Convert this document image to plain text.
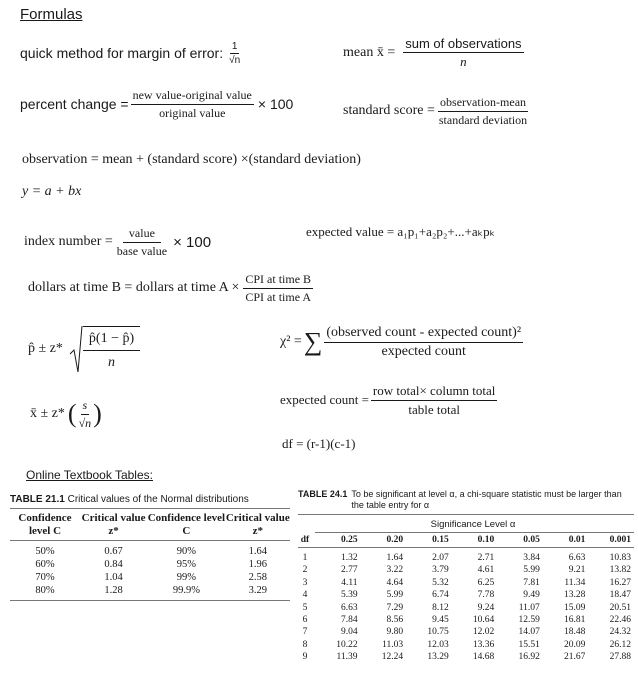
Formulas
quick method for margin of error: $\frac{1}{√n}$	mean x̄ = $\frac{\text{sum of observations}}{n}$
percent change = $\frac{\text{new value-original value}}{\text{original value}} \times 100$	standard score = $\frac{\text{observation-mean}}{\text{standard deviation}}$
observation = mean + (standard score) ×(standard deviation)
y = a + bx
index number = $\frac{\text{value}}{\text{base value}} \times 100$
expected value = a₁p₁+a₂p₂+...+aₖpₖ
dollars at time B = dollars at time $A \times \frac{\text{CPI at time B}}{\text{CPI at time A}}$
p̂ ± $z* \frac{p̂(1 - p̂)}{n}$	χ² = ∑ $\frac{\text{(observed count - expected count)²}}{\text{expected count}}$
x̄ ± z* ( $\frac{s}{√n}$ )	expected count = $\frac{\text{row total× column total}}{\text{table total}}$
df = (r-1)(c-1)
Online Textbook Tables:
TABLE 21.1 Critical values of the Normal distributions
Confidence level C	Critical value z*	Confidence level C	Critical value z*
50%	0.67	90%	1.64
60%	0.84	95%	1.96
70%	1.04	99%	2.58
80%	1.28	99.9%	3.29
TABLE 24.1 To be significant at level α, a chi-square statistic must be larger than the table entry for α
	Significance Level α						
df	0.25	0.20	0.15	0.10	0.05	0.01	0.001
1	1.32	1.64	2.07	2.71	3.84	6.63	10.83
2	2.77	3.22	3.79	4.61	5.99	9.21	13.82
3	4.11	4.64	5.32	6.25	7.81	11.34	16.27
4	5.39	5.99	6.74	7.78	9.49	13.28	18.47
5	6.63	7.29	8.12	9.24	11.07	15.09	20.51
6	7.84	8.56	9.45	10.64	12.59	16.81	22.46
7	9.04	9.80	10.75	12.02	14.07	18.48	24.32
8	10.22	11.03	12.03	13.36	15.51	20.09	26.12
9	11.39	12.24	13.29	14.68	16.92	21.67	27.88
